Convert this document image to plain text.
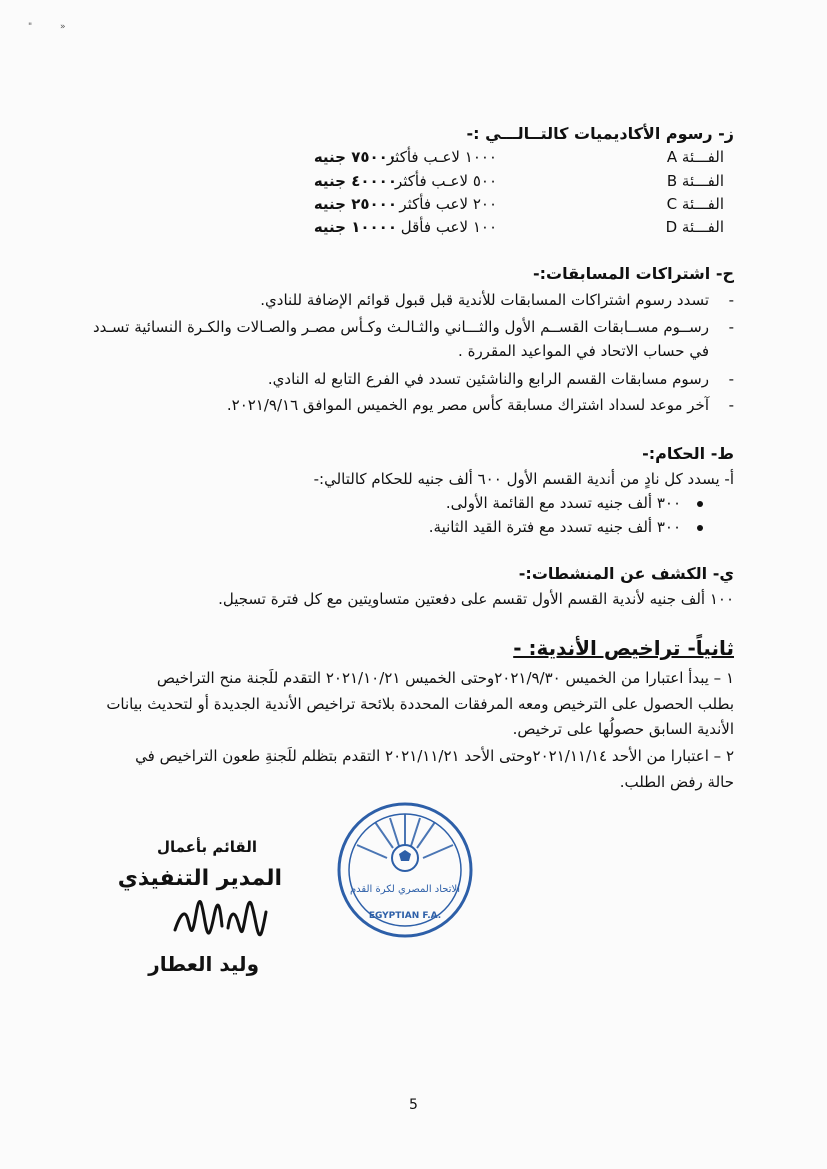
"	»
ز- رسوم الأكاديميات كالتــالـــي :-
الفـــئة A
١٠٠٠ لاعـب فأكثر
٧٥٠٠٠ جنيه
الفـــئة B
٥٠٠ لاعـب فأكثر
٤٠٠٠٠ جنيه
الفـــئة C
٢٠٠ لاعب فأكثر
٢٥٠٠٠ جنيه
الفـــئة D
١٠٠ لاعب فأقل
١٠٠٠٠ جنيه
ح- اشتراكات المسابقات:-
-
تسدد رسوم اشتراكات المسابقات للأندية قبل قبول قوائم الإضافة للنادي.
-
رســوم مســابقات القســم الأول والثـــاني والثـالـث وكـأس مصـر والصـالات والكـرة النسائية تسـدد
في حساب الاتحاد في المواعيد المقررة .
-
رسوم مسابقات القسم الرابع والناشئين تسدد في الفرع التابع له النادي.
-
آخر موعد لسداد اشتراك مسابقة كأس مصر يوم الخميس الموافق ٢٠٢١/٩/١٦.
ط- الحكام:-
أ- يسدد كل نادٍ من أندية القسم الأول ٦٠٠ ألف جنيه للحكام كالتالي:-
٣٠٠ ألف جنيه تسدد مع القائمة الأولى.
٣٠٠ ألف جنيه تسدد مع فترة القيد الثانية.
ي- الكشف عن المنشطات:-
١٠٠ ألف جنيه لأندية القسم الأول تقسم على دفعتين متساويتين مع كل فترة تسجيل.
ثانياً- تراخيص الأندية: -
١ – يبدأ اعتبارا من الخميس ٢٠٢١/٩/٣٠وحتى الخميس ٢٠٢١/١٠/٢١ التقدم للَجنة منح التراخيص
بطلب الحصول على الترخيص ومعه المرفقات المحددة بلائحة تراخيص الأندية الجديدة أو لتحديث بيانات
الأندية السابق حصولُها على ترخيص.
٢ – اعتبارا من الأحد ٢٠٢١/١١/١٤وحتى الأحد ٢٠٢١/١١/٢١ التقدم بتظلم للَجنةِ طعون التراخيص في
حالة رفض الطلب.
الاتحاد المصري لكرة القدم
EGYPTIAN F.A.
القائم بأعمال
المدير التنفيذي
وليد العطار
5
